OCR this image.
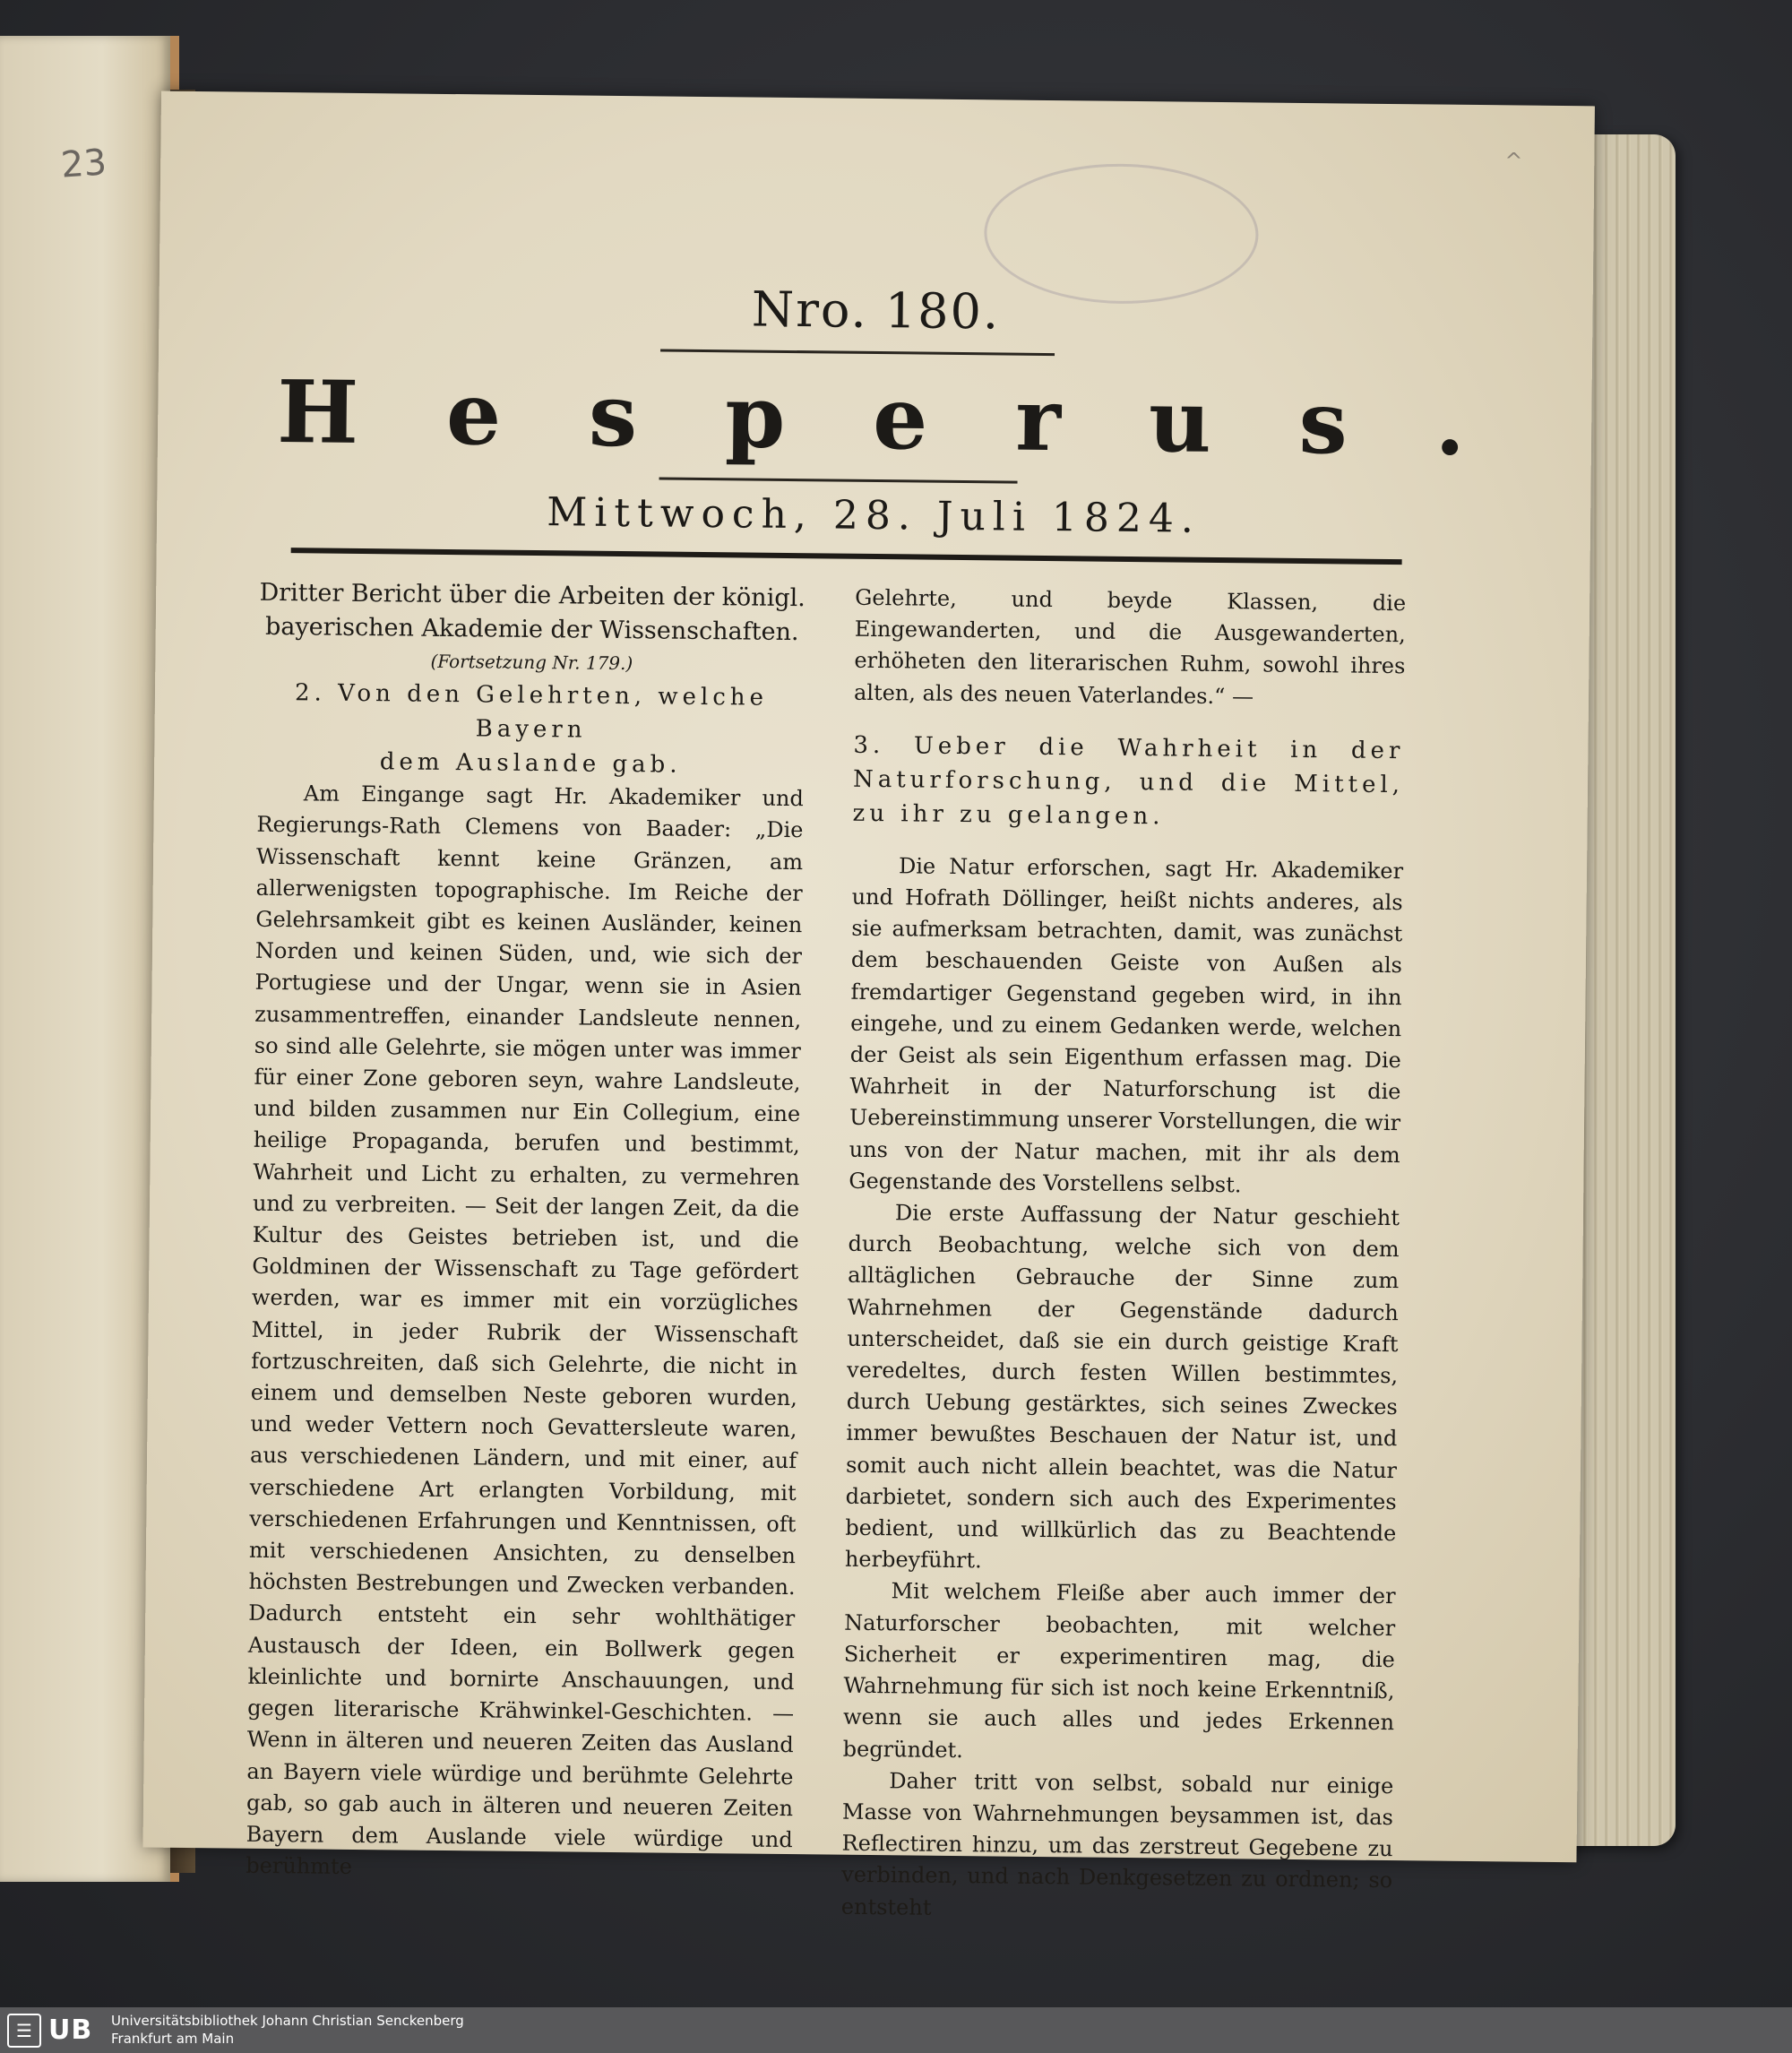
23	^
Nro. 180.
Hesperus.
Mittwoch, 28. Juli 1824.

Dritter Bericht über die Arbeiten der königl.
bayerischen Akademie der Wissenschaften.

(Fortsetzung Nr. 179.)

2. Von den Gelehrten, welche Bayern
dem Auslande gab.

Am Eingange sagt Hr. Akademiker und Regierungs-Rath Clemens von Baader: „Die Wissenschaft kennt keine Gränzen, am allerwenigsten topographische. Im Reiche der Gelehrsamkeit gibt es keinen Ausländer, keinen Norden und keinen Süden, und, wie sich der Portugiese und der Ungar, wenn sie in Asien zusammentreffen, einander Landsleute nennen, so sind alle Gelehrte, sie mögen unter was immer für einer Zone geboren seyn, wahre Landsleute, und bilden zusammen nur Ein Collegium, eine heilige Propaganda, berufen und bestimmt, Wahrheit und Licht zu erhalten, zu vermehren und zu verbreiten. — Seit der langen Zeit, da die Kultur des Geistes betrieben ist, und die Goldminen der Wissenschaft zu Tage gefördert werden, war es immer mit ein vorzügliches Mittel, in jeder Rubrik der Wissenschaft fortzuschreiten, daß sich Gelehrte, die nicht in einem und demselben Neste geboren wurden, und weder Vettern noch Gevattersleute waren, aus verschiedenen Ländern, und mit einer, auf verschiedene Art erlangten Vorbildung, mit verschiedenen Erfahrungen und Kenntnissen, oft mit verschiedenen Ansichten, zu denselben höchsten Bestrebungen und Zwecken verbanden. Dadurch entsteht ein sehr wohlthätiger Austausch der Ideen, ein Bollwerk gegen kleinlichte und bornirte Anschauungen, und gegen literarische Krähwinkel-Geschichten. — Wenn in älteren und neueren Zeiten das Ausland an Bayern viele würdige und berühmte Gelehrte gab, so gab auch in älteren und neueren Zeiten Bayern dem Auslande viele würdige und berühmte

Gelehrte, und beyde Klassen, die Eingewanderten, und die Ausgewanderten, erhöheten den literarischen Ruhm, sowohl ihres alten, als des neuen Vaterlandes.“ —

3. Ueber die Wahrheit in der Naturforschung, und die Mittel, zu ihr zu gelangen.

Die Natur erforschen, sagt Hr. Akademiker und Hofrath Döllinger, heißt nichts anderes, als sie aufmerksam betrachten, damit, was zunächst dem beschauenden Geiste von Außen als fremdartiger Gegenstand gegeben wird, in ihn eingehe, und zu einem Gedanken werde, welchen der Geist als sein Eigenthum erfassen mag. Die Wahrheit in der Naturforschung ist die Uebereinstimmung unserer Vorstellungen, die wir uns von der Natur machen, mit ihr als dem Gegenstande des Vorstellens selbst.

Die erste Auffassung der Natur geschieht durch Beobachtung, welche sich von dem alltäglichen Gebrauche der Sinne zum Wahrnehmen der Gegenstände dadurch unterscheidet, daß sie ein durch geistige Kraft veredeltes, durch festen Willen bestimmtes, durch Uebung gestärktes, sich seines Zweckes immer bewußtes Beschauen der Natur ist, und somit auch nicht allein beachtet, was die Natur darbietet, sondern sich auch des Experimentes bedient, und willkürlich das zu Beachtende herbeyführt.

Mit welchem Fleiße aber auch immer der Naturforscher beobachten, mit welcher Sicherheit er experimentiren mag, die Wahrnehmung für sich ist noch keine Erkenntniß, wenn sie auch alles und jedes Erkennen begründet.

Daher tritt von selbst, sobald nur einige Masse von Wahrnehmungen beysammen ist, das Reflectiren hinzu, um das zerstreut Gegebene zu verbinden, und nach Denkgesetzen zu ordnen; so entsteht

☰ UB Universitätsbibliothek Johann Christian Senckenberg
Frankfurt am Main
